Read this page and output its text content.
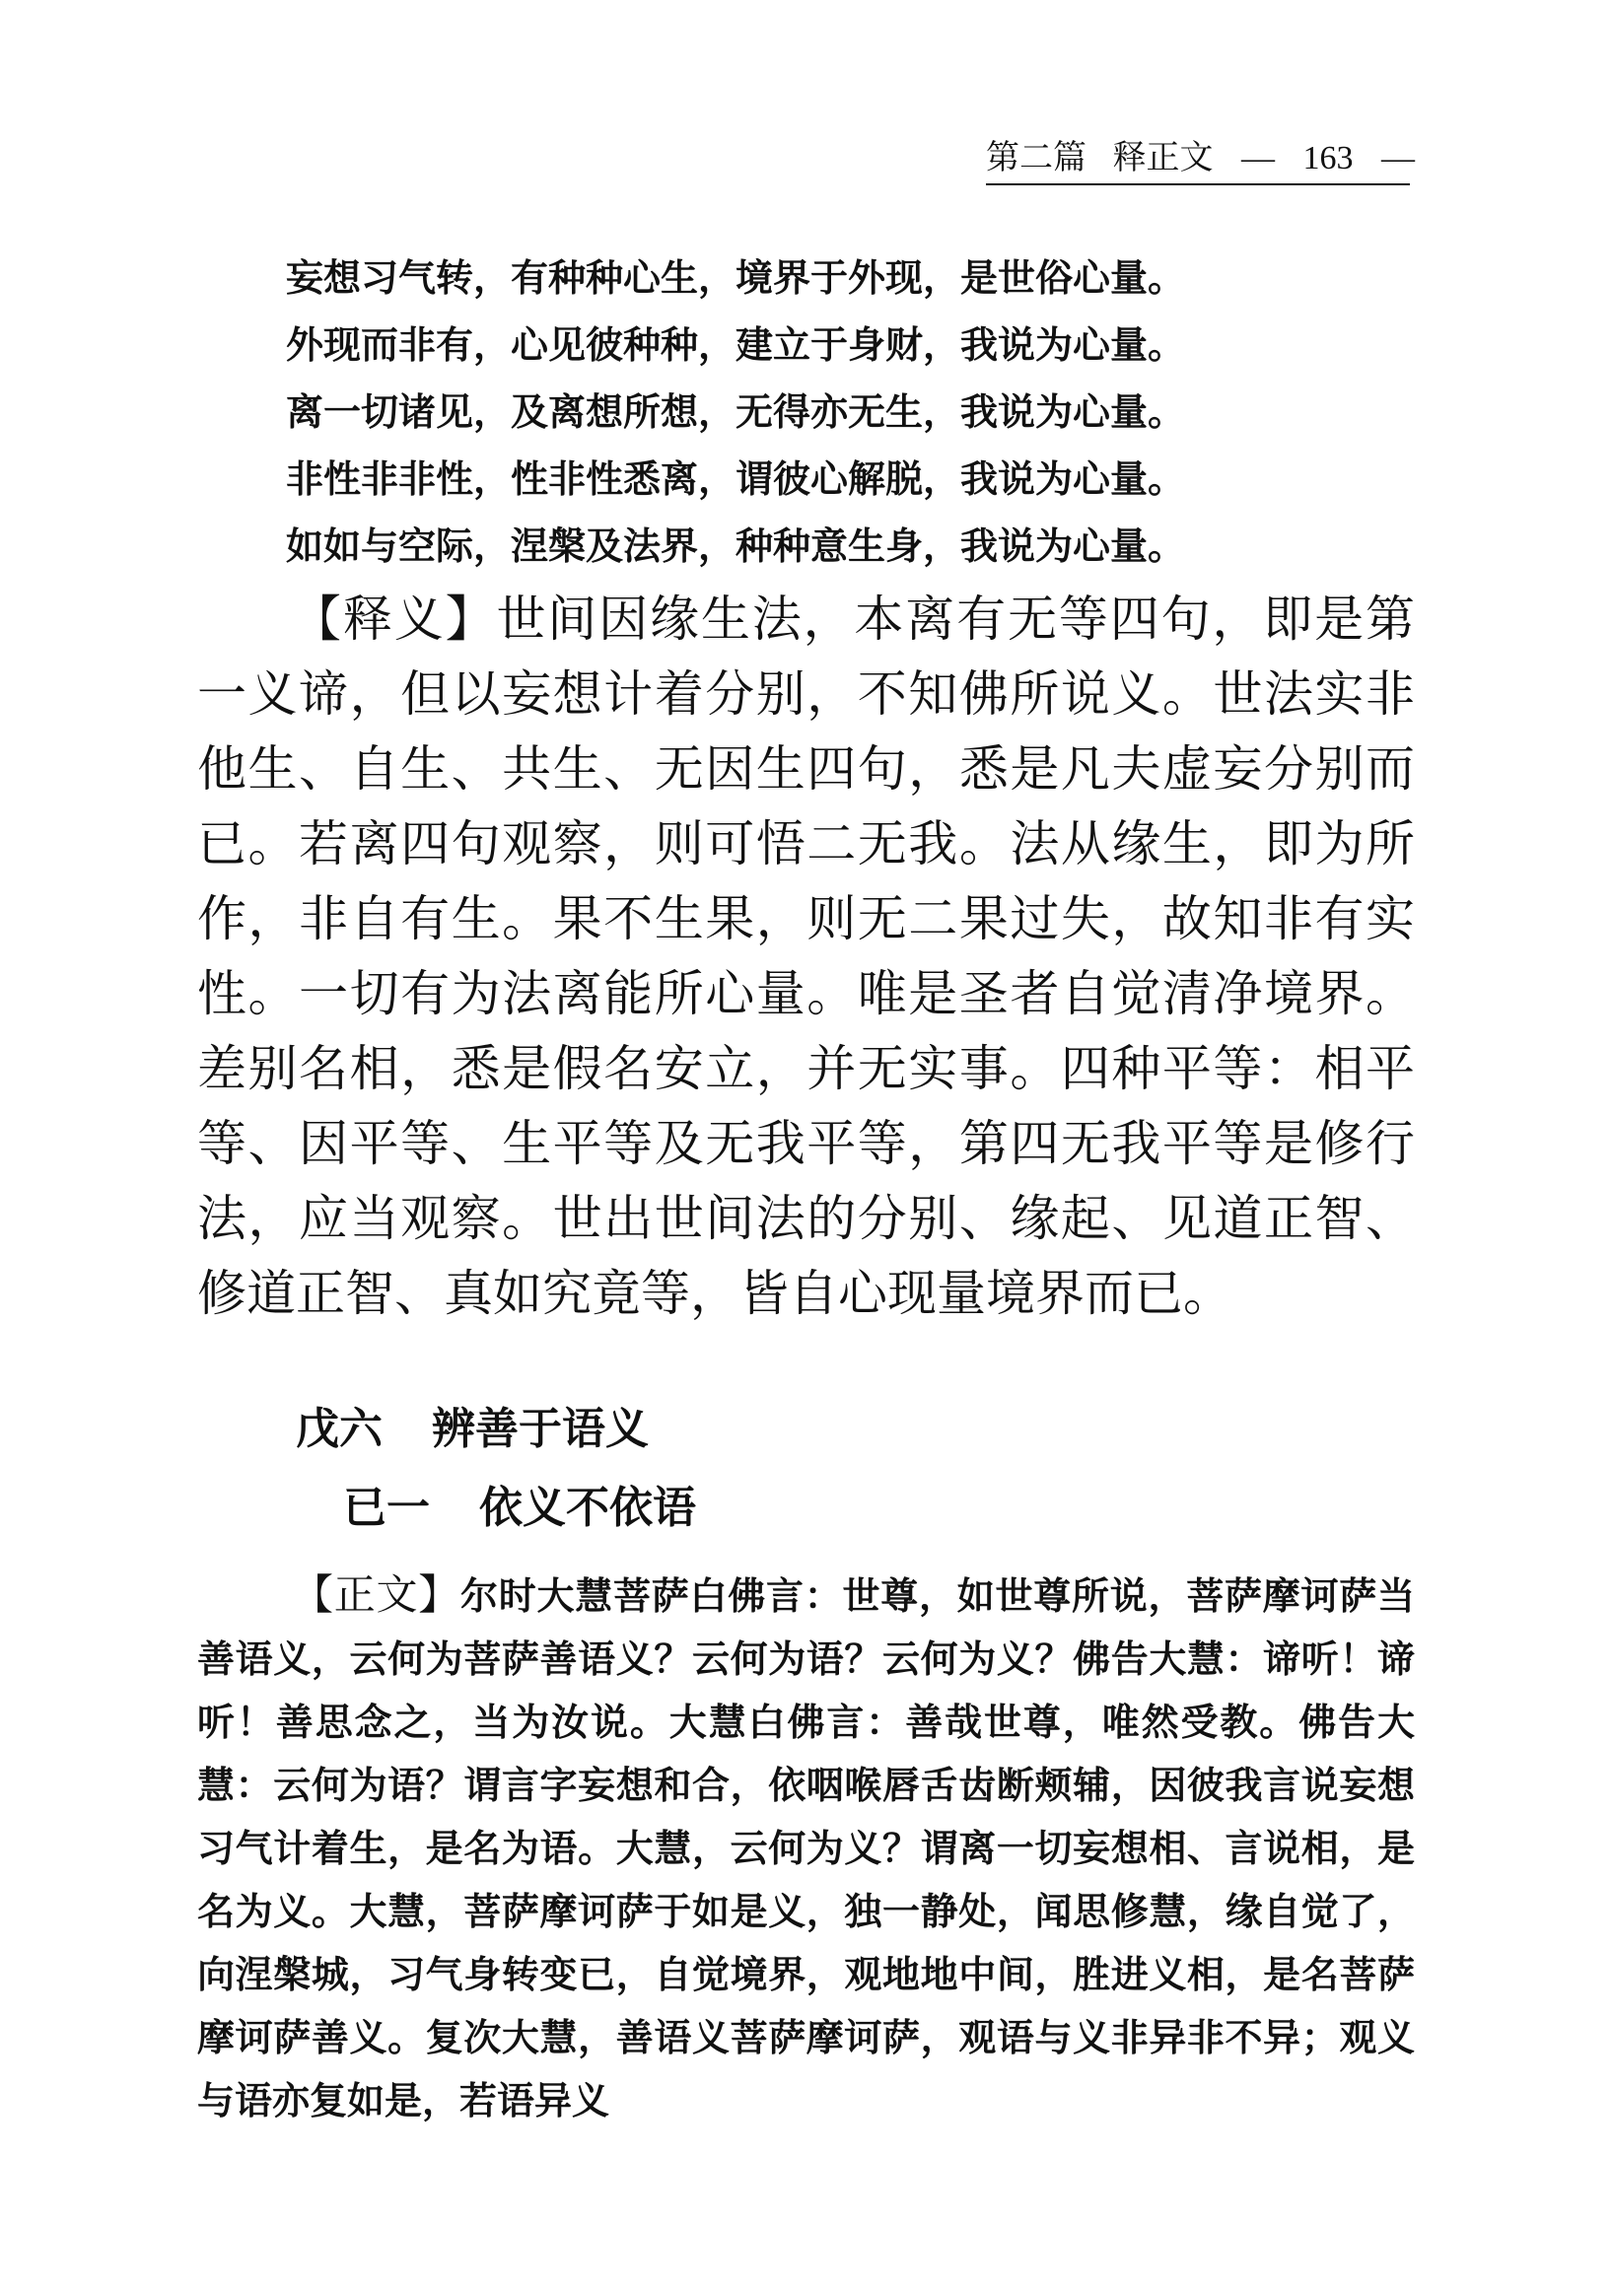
第二篇 释正文 — 163 —
妄想习气转，有种种心生，境界于外现，是世俗心量。
外现而非有，心见彼种种，建立于身财，我说为心量。
离一切诸见，及离想所想，无得亦无生，我说为心量。
非性非非性，性非性悉离，谓彼心解脱，我说为心量。
如如与空际，涅槃及法界，种种意生身，我说为心量。
【释义】世间因缘生法，本离有无等四句，即是第一义谛，但以妄想计着分别，不知佛所说义。世法实非他生、自生、共生、无因生四句，悉是凡夫虚妄分别而已。若离四句观察，则可悟二无我。法从缘生，即为所作，非自有生。果不生果，则无二果过失，故知非有实性。一切有为法离能所心量。唯是圣者自觉清净境界。差别名相，悉是假名安立，并无实事。四种平等：相平等、因平等、生平等及无我平等，第四无我平等是修行法，应当观察。世出世间法的分别、缘起、见道正智、修道正智、真如究竟等，皆自心现量境界而已。
戊六 辨善于语义
已一 依义不依语
【正文】尔时大慧菩萨白佛言：世尊，如世尊所说，菩萨摩诃萨当善语义，云何为菩萨善语义？云何为语？云何为义？佛告大慧：谛听！谛听！善思念之，当为汝说。大慧白佛言：善哉世尊，唯然受教。佛告大慧：云何为语？谓言字妄想和合，依咽喉唇舌齿断颊辅，因彼我言说妄想习气计着生，是名为语。大慧，云何为义？谓离一切妄想相、言说相，是名为义。大慧，菩萨摩诃萨于如是义，独一静处，闻思修慧，缘自觉了，向涅槃城，习气身转变已，自觉境界，观地地中间，胜进义相，是名菩萨摩诃萨善义。复次大慧，善语义菩萨摩诃萨，观语与义非异非不异；观义与语亦复如是，若语异义
